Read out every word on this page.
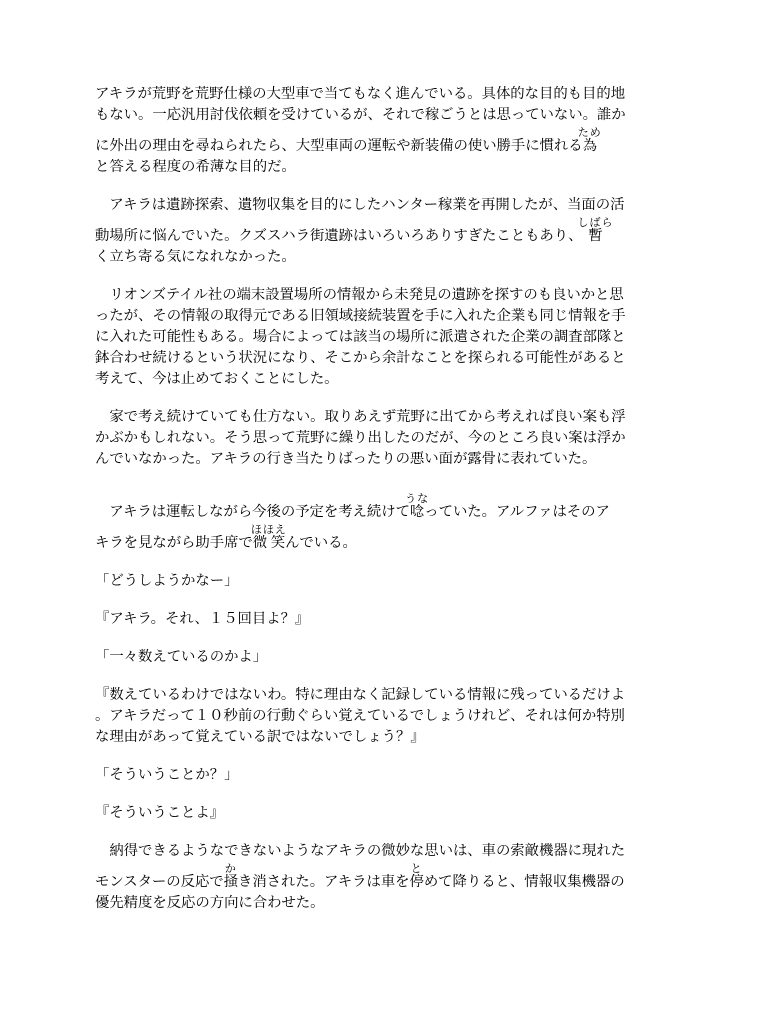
アキラが荒野を荒野仕様の大型車で当てもなく進んでいる。具体的な目的も目的地
もない。一応汎用討伐依頼を受けているが、それで稼ごうとは思っていない。誰か
に外出の理由を尋ねられたら、大型車両の運転や新装備の使い勝手に慣れる為ため
と答える程度の希薄な目的だ。

　アキラは遺跡探索、遺物収集を目的にしたハンター稼業を再開したが、当面の活
動場所に悩んでいた。クズスハラ街遺跡はいろいろありすぎたこともあり、暫しばら
く立ち寄る気になれなかった。

　リオンズテイル社の端末設置場所の情報から未発見の遺跡を探すのも良いかと思
ったが、その情報の取得元である旧領域接続装置を手に入れた企業も同じ情報を手
に入れた可能性もある。場合によっては該当の場所に派遣された企業の調査部隊と
鉢合わせ続けるという状況になり、そこから余計なことを探られる可能性があると
考えて、今は止めておくことにした。

　家で考え続けていても仕方ない。取りあえず荒野に出てから考えれば良い案も浮
かぶかもしれない。そう思って荒野に繰り出したのだが、今のところ良い案は浮か
んでいなかった。アキラの行き当たりばったりの悪い面が露骨に表れていた。

　アキラは運転しながら今後の予定を考え続けて唸うなっていた。アルファはそのア
キラを見ながら助手席で微笑ほほえんでいる。

「どうしようかなー」

『アキラ。それ、１５回目よ？』

「一々数えているのかよ」

『数えているわけではないわ。特に理由なく記録している情報に残っているだけよ
。アキラだって１０秒前の行動ぐらい覚えているでしょうけれど、それは何か特別
な理由があって覚えている訳ではないでしょう？』

「そういうことか？」

『そういうことよ』

　納得できるようなできないようなアキラの微妙な思いは、車の索敵機器に現れた
モンスターの反応で掻かき消された。アキラは車を停とめて降りると、情報収集機器の
優先精度を反応の方向に合わせた。
